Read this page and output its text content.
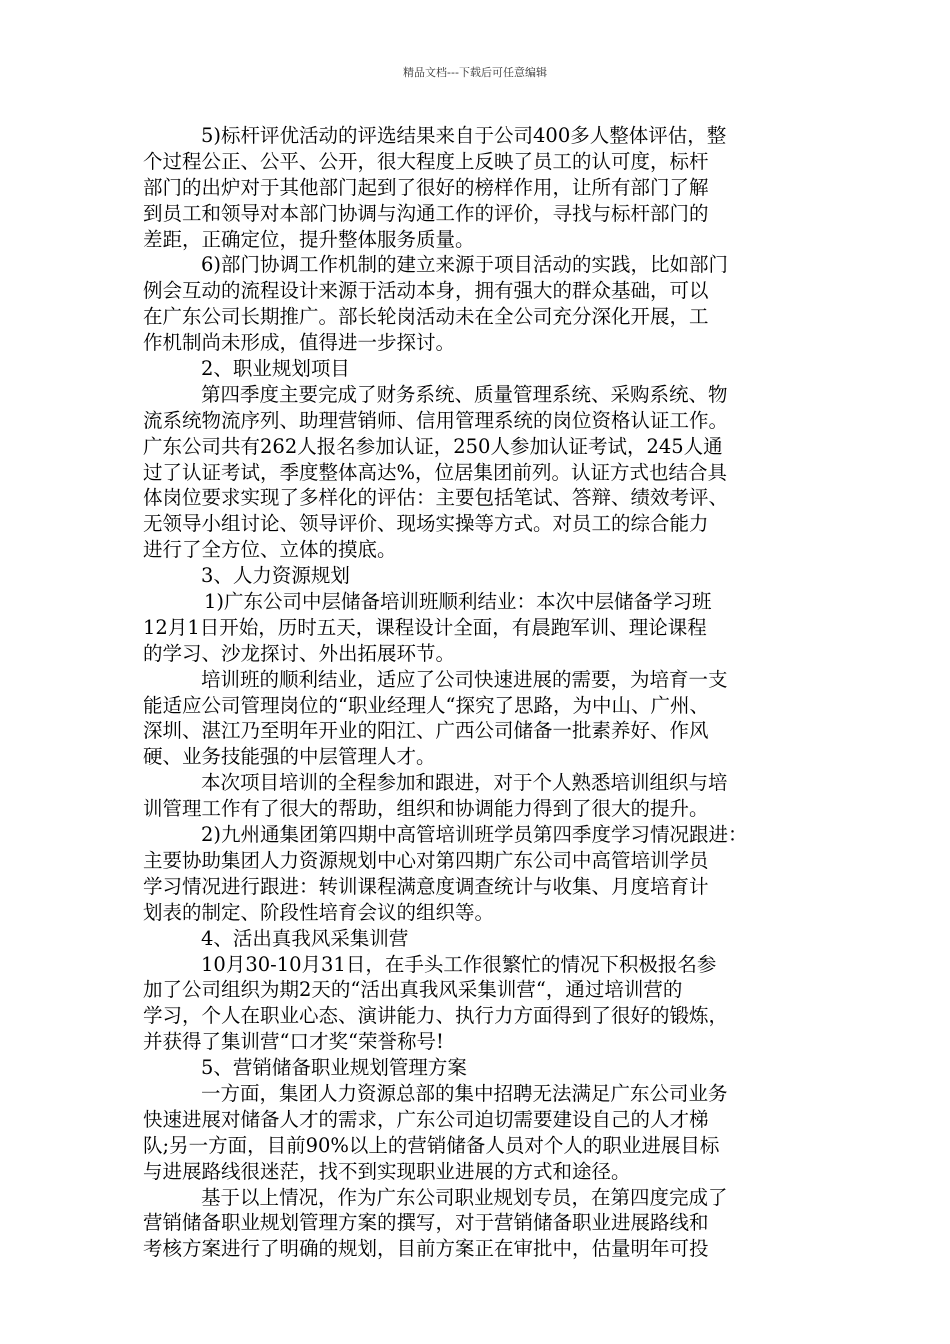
精品文档---下载后可任意编辑
5)标杆评优活动的评选结果来自于公司400多人整体评估，整
个过程公正、公平、公开，很大程度上反映了员工的认可度，标杆
部门的出炉对于其他部门起到了很好的榜样作用，让所有部门了解
到员工和领导对本部门协调与沟通工作的评价，寻找与标杆部门的
差距，正确定位，提升整体服务质量。
6)部门协调工作机制的建立来源于项目活动的实践，比如部门
例会互动的流程设计来源于活动本身，拥有强大的群众基础，可以
在广东公司长期推广。部长轮岗活动未在全公司充分深化开展，工
作机制尚未形成，值得进一步探讨。
2、职业规划项目
第四季度主要完成了财务系统、质量管理系统、采购系统、物
流系统物流序列、助理营销师、信用管理系统的岗位资格认证工作。
广东公司共有262人报名参加认证，250人参加认证考试，245人通
过了认证考试，季度整体高达%，位居集团前列。认证方式也结合具
体岗位要求实现了多样化的评估：主要包括笔试、答辩、绩效考评、
无领导小组讨论、领导评价、现场实操等方式。对员工的综合能力
进行了全方位、立体的摸底。
3、人力资源规划
1)广东公司中层储备培训班顺利结业：本次中层储备学习班
12月1日开始，历时五天，课程设计全面，有晨跑军训、理论课程
的学习、沙龙探讨、外出拓展环节。
培训班的顺利结业，适应了公司快速进展的需要，为培育一支
能适应公司管理岗位的“职业经理人“探究了思路，为中山、广州、
深圳、湛江乃至明年开业的阳江、广西公司储备一批素养好、作风
硬、业务技能强的中层管理人才。
本次项目培训的全程参加和跟进，对于个人熟悉培训组织与培
训管理工作有了很大的帮助，组织和协调能力得到了很大的提升。
2)九州通集团第四期中高管培训班学员第四季度学习情况跟进：
主要协助集团人力资源规划中心对第四期广东公司中高管培训学员
学习情况进行跟进：转训课程满意度调查统计与收集、月度培育计
划表的制定、阶段性培育会议的组织等。
4、活出真我风采集训营
10月30-10月31日，在手头工作很繁忙的情况下积极报名参
加了公司组织为期2天的“活出真我风采集训营“，通过培训营的
学习，个人在职业心态、演讲能力、执行力方面得到了很好的锻炼，
并获得了集训营“口才奖“荣誉称号!
5、营销储备职业规划管理方案
一方面，集团人力资源总部的集中招聘无法满足广东公司业务
快速进展对储备人才的需求，广东公司迫切需要建设自己的人才梯
队;另一方面，目前90%以上的营销储备人员对个人的职业进展目标
与进展路线很迷茫，找不到实现职业进展的方式和途径。
基于以上情况，作为广东公司职业规划专员，在第四度完成了
营销储备职业规划管理方案的撰写，对于营销储备职业进展路线和
考核方案进行了明确的规划，目前方案正在审批中，估量明年可投
